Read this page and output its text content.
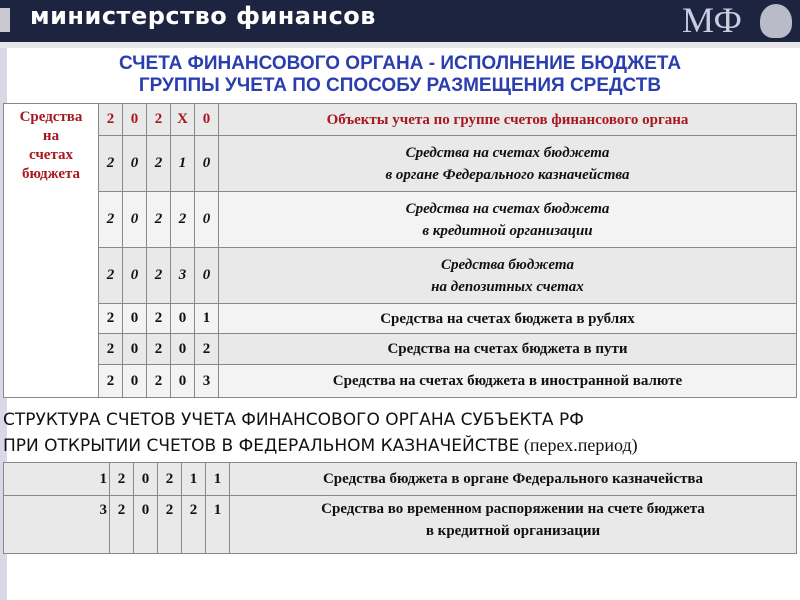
министерство финансов	МФ
СЧЕТА ФИНАНСОВОГО ОРГАНА - ИСПОЛНЕНИЕ БЮДЖЕТА
ГРУППЫ УЧЕТА ПО СПОСОБУ РАЗМЕЩЕНИЯ СРЕДСТВ
Средства
на
счетах
бюджета	2	0	2	X	0	Объекты учета по группе счетов финансового органа
	2	0	2	1	0	Средства на счетах бюджета
в органе Федерального казначейства

	2	0	2	2	0	Средства на счетах бюджета
в кредитной организации

	2	0	2	3	0	Средства бюджета
на депозитных счетах

	2	0	2	0	1	Средства на счетах бюджета в рублях
	2	0	2	0	2	Средства на счетах бюджета в пути
	2	0	2	0	3	Средства на счетах бюджета в иностранной валюте
СТРУКТУРА СЧЕТОВ УЧЕТА ФИНАНСОВОГО ОРГАНА СУБЪЕКТА РФ
ПРИ ОТКРЫТИИ СЧЕТОВ В ФЕДЕРАЛЬНОМ КАЗНАЧЕЙСТВЕ (перех.период)
1	2	0	2	1	1	Средства бюджета в органе Федерального казначейства
3	2	0	2	2	1	Средства во временном распоряжении на счете бюджета
в кредитной организации
